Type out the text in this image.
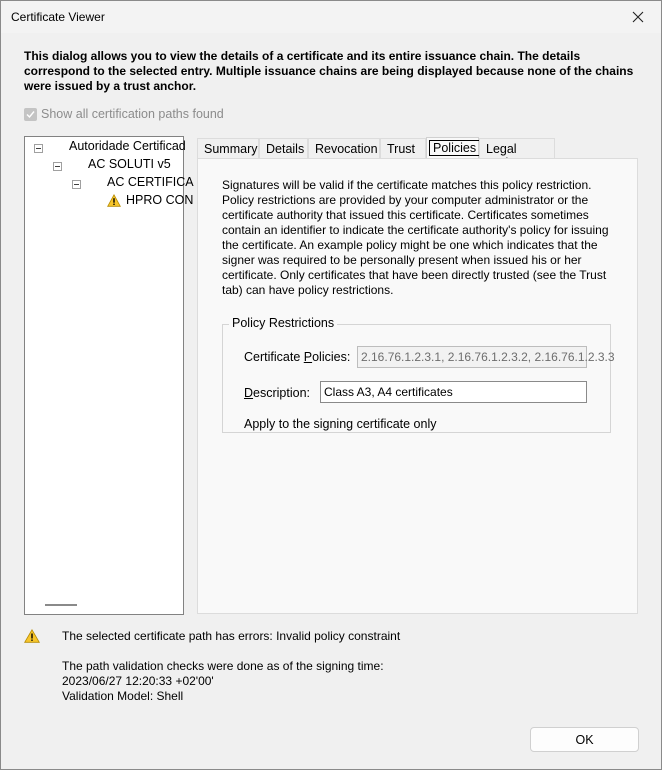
Certificate Viewer
This dialog allows you to view the details of a certificate and its entire issuance chain. The details correspond to the selected entry. Multiple issuance chains are being displayed because none of the chains were issued by a trust anchor.
Show all certification paths found
Autoridade Certificad
AC SOLUTI v5
AC CERTIFICA
HPRO CON
Summary Details Revocation Trust	Policies Legal
Signatures will be valid if the certificate matches this policy restriction. Policy restrictions are provided by your computer administrator or the certificate authority that issued this certificate. Certificates sometimes contain an identifier to indicate the certificate authority's policy for issuing the certificate. An example policy might be one which indicates that the signer was required to be personally present when issued his or her certificate. Only certificates that have been directly trusted (see the Trust tab) can have policy restrictions.
Policy Restrictions
Certificate Policies: 2.16.76.1.2.3.1, 2.16.76.1.2.3.2, 2.16.76.1.2.3.3
Description:	Class A3, A4 certificates
Apply to the signing certificate only
The selected certificate path has errors: Invalid policy constraint
The path validation checks were done as of the signing time:
2023/06/27 12:20:33 +02'00'
Validation Model: Shell
OK
